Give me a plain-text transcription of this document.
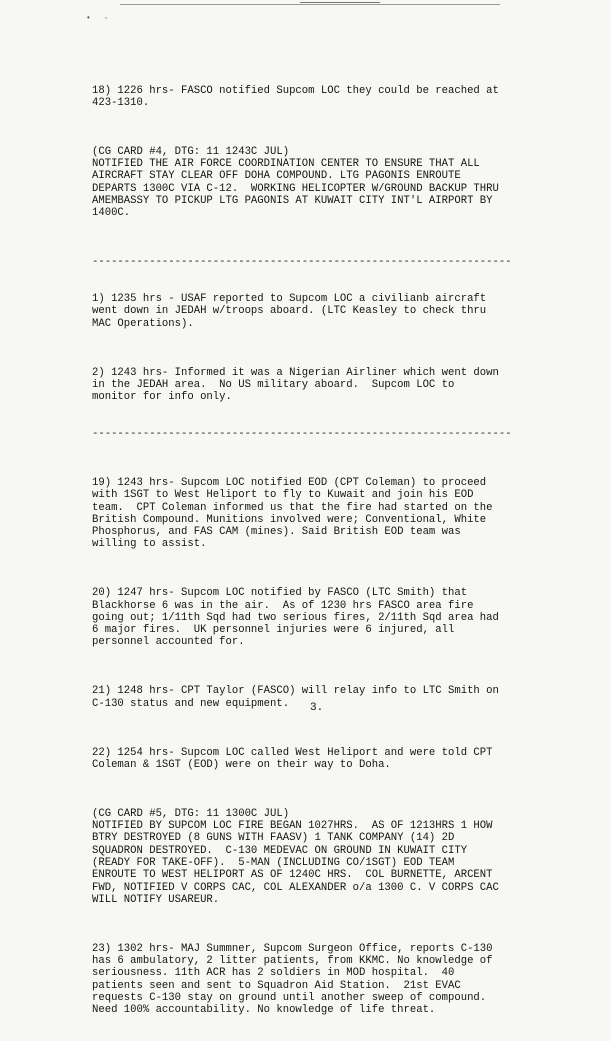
• ·

18) 1226 hrs- FASCO notified Supcom LOC they could be reached at
423-1310.

(CG CARD #4, DTG: 11 1243C JUL)
NOTIFIED THE AIR FORCE COORDINATION CENTER TO ENSURE THAT ALL
AIRCRAFT STAY CLEAR OFF DOHA COMPOUND. LTG PAGONIS ENROUTE
DEPARTS 1300C VIA C-12.  WORKING HELICOPTER W/GROUND BACKUP THRU
AMEMBASSY TO PICKUP LTG PAGONIS AT KUWAIT CITY INT'L AIRPORT BY
1400C.

------------------------------------------------------------------

1) 1235 hrs - USAF reported to Supcom LOC a civilianb aircraft
went down in JEDAH w/troops aboard. (LTC Keasley to check thru
MAC Operations).

2) 1243 hrs- Informed it was a Nigerian Airliner which went down
in the JEDAH area.  No US military aboard.  Supcom LOC to
monitor for info only.

------------------------------------------------------------------

19) 1243 hrs- Supcom LOC notified EOD (CPT Coleman) to proceed
with 1SGT to West Heliport to fly to Kuwait and join his EOD
team.  CPT Coleman informed us that the fire had started on the
British Compound. Munitions involved were; Conventional, White
Phosphorus, and FAS CAM (mines). Said British EOD team was
willing to assist.

20) 1247 hrs- Supcom LOC notified by FASCO (LTC Smith) that
Blackhorse 6 was in the air.  As of 1230 hrs FASCO area fire
going out; 1/11th Sqd had two serious fires, 2/11th Sqd area had
6 major fires.  UK personnel injuries were 6 injured, all
personnel accounted for.

21) 1248 hrs- CPT Taylor (FASCO) will relay info to LTC Smith on
C-130 status and new equipment.

22) 1254 hrs- Supcom LOC called West Heliport and were told CPT
Coleman & 1SGT (EOD) were on their way to Doha.

(CG CARD #5, DTG: 11 1300C JUL)
NOTIFIED BY SUPCOM LOC FIRE BEGAN 1027HRS.  AS OF 1213HRS 1 HOW
BTRY DESTROYED (8 GUNS WITH FAASV) 1 TANK COMPANY (14) 2D
SQUADRON DESTROYED.  C-130 MEDEVAC ON GROUND IN KUWAIT CITY
(READY FOR TAKE-OFF).  5-MAN (INCLUDING CO/1SGT) EOD TEAM
ENROUTE TO WEST HELIPORT AS OF 1240C HRS.  COL BURNETTE, ARCENT
FWD, NOTIFIED V CORPS CAC, COL ALEXANDER o/a 1300 C. V CORPS CAC
WILL NOTIFY USAREUR.

23) 1302 hrs- MAJ Summner, Supcom Surgeon Office, reports C-130
has 6 ambulatory, 2 litter patients, from KKMC. No knowledge of
seriousness. 11th ACR has 2 soldiers in MOD hospital.  40
patients seen and sent to Squadron Aid Station.  21st EVAC
requests C-130 stay on ground until another sweep of compound.
Need 100% accountability. No knowledge of life threat.

3.
